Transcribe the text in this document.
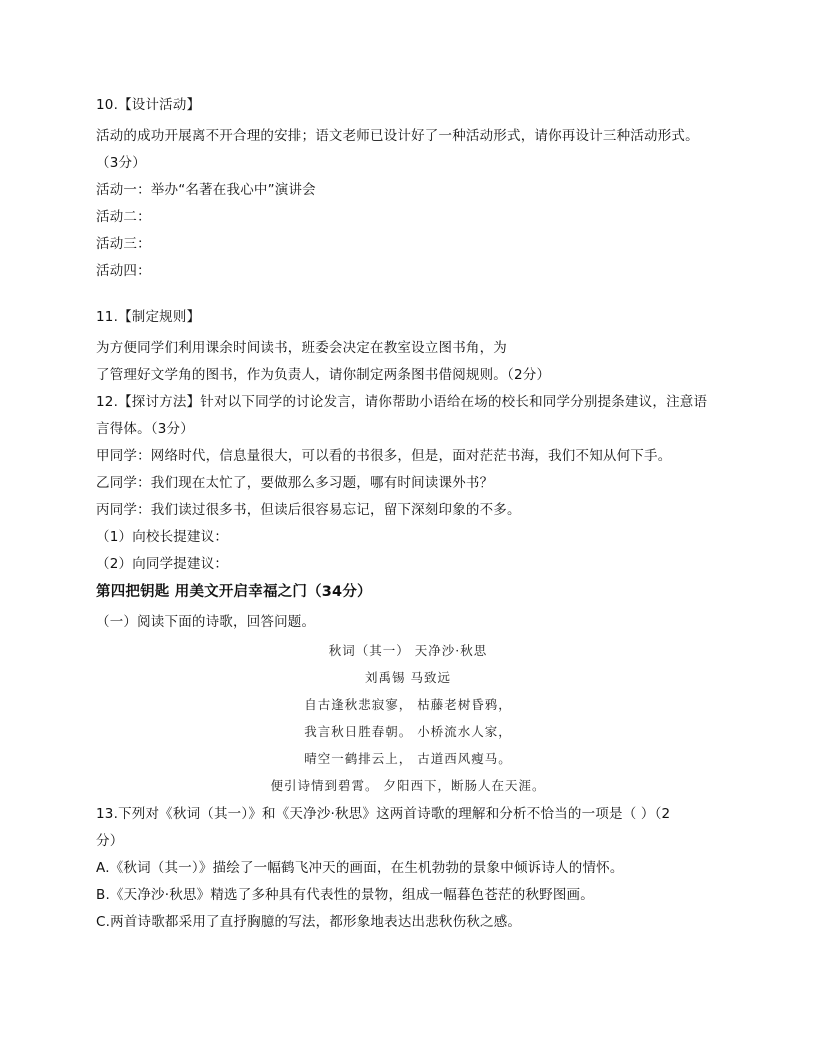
10.【设计活动】
活动的成功开展离不开合理的安排；语文老师已设计好了一种活动形式，请你再设计三种活动形式。
（3分）
活动一：举办“名著在我心中”演讲会
活动二：
活动三：
活动四：
11.【制定规则】
为方便同学们利用课余时间读书，班委会决定在教室设立图书角，为
了管理好文学角的图书，作为负责人，请你制定两条图书借阅规则。（2分）
12.【探讨方法】针对以下同学的讨论发言，请你帮助小语给在场的校长和同学分别提条建议，注意语
言得体。（3分）
甲同学：网络时代，信息量很大，可以看的书很多，但是，面对茫茫书海，我们不知从何下手。
乙同学：我们现在太忙了，要做那么多习题，哪有时间读课外书？
丙同学：我们读过很多书，但读后很容易忘记，留下深刻印象的不多。
（1）向校长提建议：
（2）向同学提建议：
第四把钥匙 用美文开启幸福之门（34分）
（一）阅读下面的诗歌，回答问题。
秋词（其一） 天净沙·秋思
刘禹锡 马致远
自古逢秋悲寂寥， 枯藤老树昏鸦，
我言秋日胜春朝。 小桥流水人家，
晴空一鹤排云上， 古道西风瘦马。
便引诗情到碧霄。 夕阳西下，断肠人在天涯。
13.下列对《秋词（其一）》和《天净沙·秋思》这两首诗歌的理解和分析不恰当的一项是（ ）（2
分）
A.《秋词（其一）》描绘了一幅鹤飞冲天的画面，在生机勃勃的景象中倾诉诗人的情怀。
B.《天净沙·秋思》精选了多种具有代表性的景物，组成一幅暮色苍茫的秋野图画。
C.两首诗歌都采用了直抒胸臆的写法，都形象地表达出悲秋伤秋之感。
